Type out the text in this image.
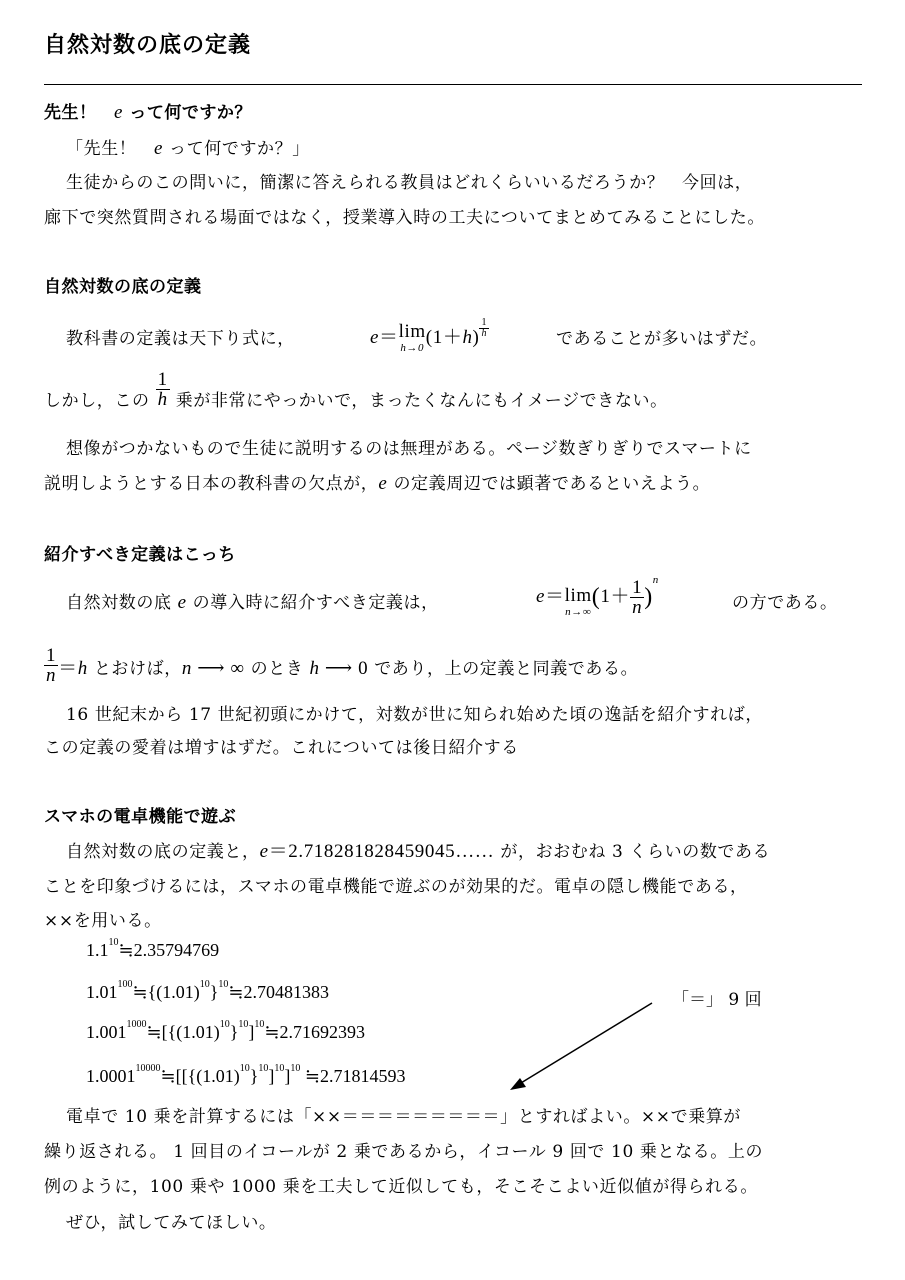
自然対数の底の定義
先生！　e って何ですか？
「先生！　e って何ですか？」
生徒からのこの問いに，簡潔に答えられる教員はどれくらいいるだろうか？　今回は，
廊下で突然質問される場面ではなく，授業導入時の工夫についてまとめてみることにした。
自然対数の底の定義
教科書の定義は天下り式に，	e＝lim
h→0 (1＋h) $^{\frac{1}{h}}$	であることが多いはずだ。
しかし，この $\frac{1}{h}$ 乗が非常にやっかいで，まったくなんにもイメージできない。
想像がつかないもので生徒に説明するのは無理がある。ページ数ぎりぎりでスマートに
説明しようとする日本の教科書の欠点が，e の定義周辺では顕著であるといえよう。
紹介すべき定義はこっち
自然対数の底 e の導入時に紹介すべき定義は，	e＝lim
n→∞
$(1+ \frac{1}{n} )^n$
の方である。
$\frac{1}{n} =h$ とおけば，n ⟶ ∞ のとき h ⟶ 0 であり，上の定義と同義である。
16 世紀末から 17 世紀初頭にかけて，対数が世に知られ始めた頃の逸話を紹介すれば，
この定義の愛着は増すはずだ。これについては後日紹介する
スマホの電卓機能で遊ぶ
自然対数の底の定義と，e＝2.718281828459045…… が，おおむね 3 くらいの数である
ことを印象づけるには，スマホの電卓機能で遊ぶのが効果的だ。電卓の隠し機能である，
××を用いる。
$1.1^{10}≒2.35794769$
$1.01^{100}≒\{(1.01)^{10}\}^{10}≒2.70481383$
$1.001^{1000}≒[\{(1.01)^{10}\}^{10}]^{10}≒2.71692393$
$1.0001^{10000}≒[[\{(1.01)^{10}\}^{10}]^{10}]^{10}$ ≒2.71814593
「＝」 9 回
電卓で 10 乗を計算するには「××＝＝＝＝＝＝＝＝＝」とすればよい。××で乗算が
繰り返される。 1 回目のイコールが 2 乗であるから，イコール 9 回で 10 乗となる。上の
例のように，100 乗や 1000 乗を工夫して近似しても，そこそこよい近似値が得られる。
ぜひ，試してみてほしい。
